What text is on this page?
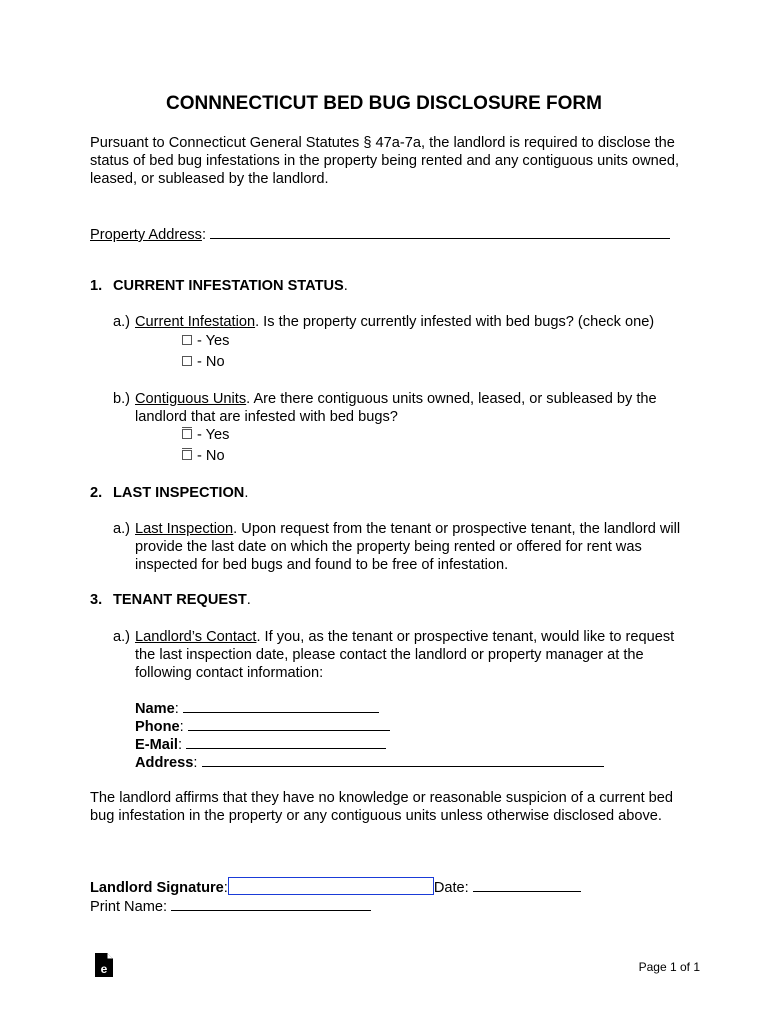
CONNNECTICUT BED BUG DISCLOSURE FORM
Pursuant to Connecticut General Statutes § 47a-7a, the landlord is required to disclose the status of bed bug infestations in the property being rented and any contiguous units owned, leased, or subleased by the landlord.
Property Address:
1. CURRENT INFESTATION STATUS.
a.) Current Infestation. Is the property currently infested with bed bugs? (check one)
- Yes
- No
b.) Contiguous Units. Are there contiguous units owned, leased, or subleased by the landlord that are infested with bed bugs?
- Yes
- No
2. LAST INSPECTION.
a.) Last Inspection. Upon request from the tenant or prospective tenant, the landlord will provide the last date on which the property being rented or offered for rent was inspected for bed bugs and found to be free of infestation.
3. TENANT REQUEST.
a.) Landlord’s Contact. If you, as the tenant or prospective tenant, would like to request the last inspection date, please contact the landlord or property manager at the following contact information:
Name:
Phone:
E-Mail:
Address:
The landlord affirms that they have no knowledge or reasonable suspicion of a current bed bug infestation in the property or any contiguous units unless otherwise disclosed above.
Landlord Signature:	Date:
Print Name:
e	Page 1 of 1
